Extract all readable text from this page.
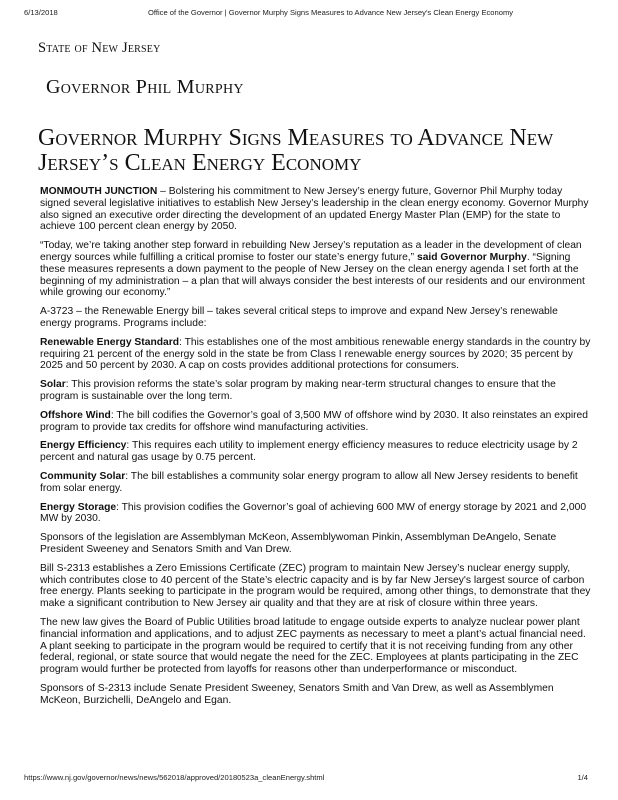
6/13/2018	Office of the Governor | Governor Murphy Signs Measures to Advance New Jersey’s Clean Energy Economy
State of New Jersey
Governor Phil Murphy
Governor Murphy Signs Measures to Advance New Jersey’s Clean Energy Economy

MONMOUTH JUNCTION – Bolstering his commitment to New Jersey’s energy future, Governor Phil Murphy today signed several legislative initiatives to establish New Jersey’s leadership in the clean energy economy. Governor Murphy also signed an executive order directing the development of an updated Energy Master Plan (EMP) for the state to achieve 100 percent clean energy by 2050.

“Today, we’re taking another step forward in rebuilding New Jersey’s reputation as a leader in the development of clean energy sources while fulfilling a critical promise to foster our state’s energy future,” said Governor Murphy. “Signing these measures represents a down payment to the people of New Jersey on the clean energy agenda I set forth at the beginning of my administration – a plan that will always consider the best interests of our residents and our environment while growing our economy.”

A-3723 – the Renewable Energy bill – takes several critical steps to improve and expand New Jersey’s renewable energy programs. Programs include:

Renewable Energy Standard: This establishes one of the most ambitious renewable energy standards in the country by requiring 21 percent of the energy sold in the state be from Class I renewable energy sources by 2020; 35 percent by 2025 and 50 percent by 2030. A cap on costs provides additional protections for consumers.

Solar: This provision reforms the state’s solar program by making near-term structural changes to ensure that the program is sustainable over the long term.

Offshore Wind: The bill codifies the Governor’s goal of 3,500 MW of offshore wind by 2030. It also reinstates an expired program to provide tax credits for offshore wind manufacturing activities.

Energy Efficiency: This requires each utility to implement energy efficiency measures to reduce electricity usage by 2 percent and natural gas usage by 0.75 percent.

Community Solar: The bill establishes a community solar energy program to allow all New Jersey residents to benefit from solar energy.

Energy Storage: This provision codifies the Governor’s goal of achieving 600 MW of energy storage by 2021 and 2,000 MW by 2030.

Sponsors of the legislation are Assemblyman McKeon, Assemblywoman Pinkin, Assemblyman DeAngelo, Senate President Sweeney and Senators Smith and Van Drew.

Bill S-2313 establishes a Zero Emissions Certificate (ZEC) program to maintain New Jersey’s nuclear energy supply, which contributes close to 40 percent of the State’s electric capacity and is by far New Jersey's largest source of carbon free energy. Plants seeking to participate in the program would be required, among other things, to demonstrate that they make a significant contribution to New Jersey air quality and that they are at risk of closure within three years.

The new law gives the Board of Public Utilities broad latitude to engage outside experts to analyze nuclear power plant financial information and applications, and to adjust ZEC payments as necessary to meet a plant’s actual financial need. A plant seeking to participate in the program would be required to certify that it is not receiving funding from any other federal, regional, or state source that would negate the need for the ZEC. Employees at plants participating in the ZEC program would further be protected from layoffs for reasons other than underperformance or misconduct.

Sponsors of S-2313 include Senate President Sweeney, Senators Smith and Van Drew, as well as Assemblymen McKeon, Burzichelli, DeAngelo and Egan.

https://www.nj.gov/governor/news/news/562018/approved/20180523a_cleanEnergy.shtml	1/4
